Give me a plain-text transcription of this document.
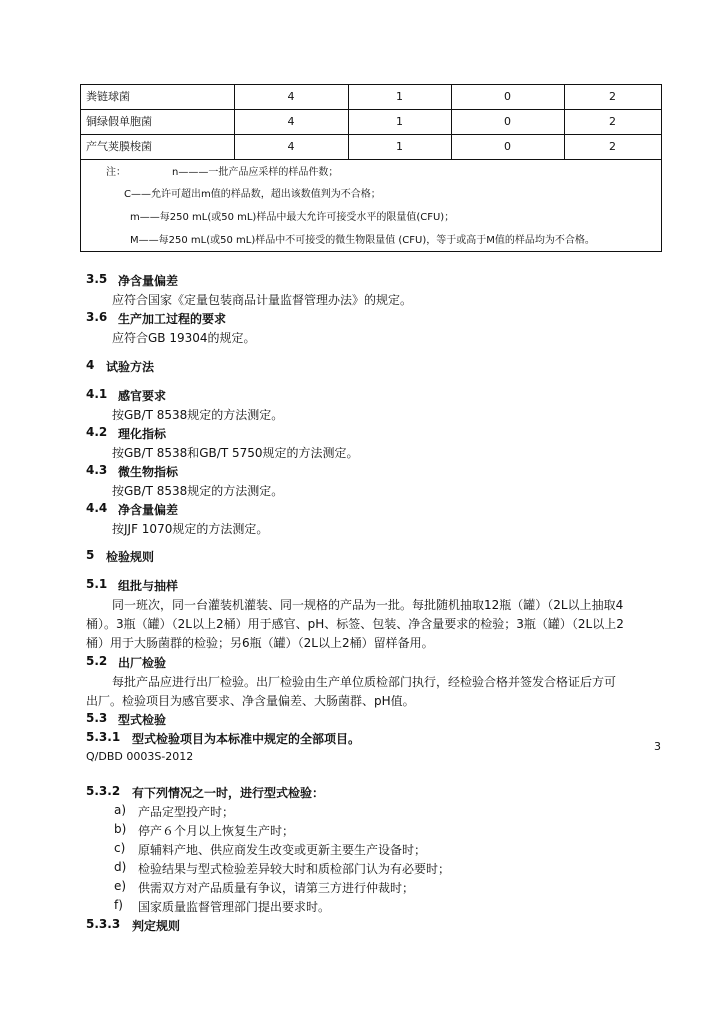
粪链球菌	4	1	0	2
铜绿假单胞菌	4	1	0	2
产气荚膜梭菌	4	1	0	2
注：	n———一批产品应采样的样品件数；
C——允许可超出m值的样品数，超出该数值判为不合格；
m——每250 mL(或50 mL)样品中最大允许可接受水平的限量值(CFU)；
M——每250 mL(或50 mL)样品中不可接受的微生物限量值 (CFU)，等于或高于M值的样品均为不合格。
3.5 净含量偏差
应符合国家《定量包装商品计量监督管理办法》的规定。
3.6 生产加工过程的要求
应符合GB 19304的规定。
4 试验方法
4.1 感官要求
按GB/T 8538规定的方法测定。
4.2 理化指标
按GB/T 8538和GB/T 5750规定的方法测定。
4.3 微生物指标
按GB/T 8538规定的方法测定。
4.4 净含量偏差
按JJF 1070规定的方法测定。
5 检验规则
5.1 组批与抽样
同一班次，同一台灌装机灌装、同一规格的产品为一批。每批随机抽取12瓶（罐）（2L以上抽取4
桶）。3瓶（罐）（2L以上2桶）用于感官、pH、标签、包装、净含量要求的检验；3瓶（罐）（2L以上2
桶）用于大肠菌群的检验；另6瓶（罐）（2L以上2桶）留样备用。
5.2 出厂检验
每批产品应进行出厂检验。出厂检验由生产单位质检部门执行，经检验合格并签发合格证后方可
出厂。检验项目为感官要求、净含量偏差、大肠菌群、pH值。
5.3 型式检验
5.3.1 型式检验项目为本标准中规定的全部项目。
3
Q/DBD 0003S-2012
5.3.2 有下列情况之一时，进行型式检验：
a) 产品定型投产时；
b) 停产６个月以上恢复生产时；
c) 原辅料产地、供应商发生改变或更新主要生产设备时；
d) 检验结果与型式检验差异较大时和质检部门认为有必要时；
e) 供需双方对产品质量有争议，请第三方进行仲裁时；
f) 国家质量监督管理部门提出要求时。
5.3.3 判定规则
